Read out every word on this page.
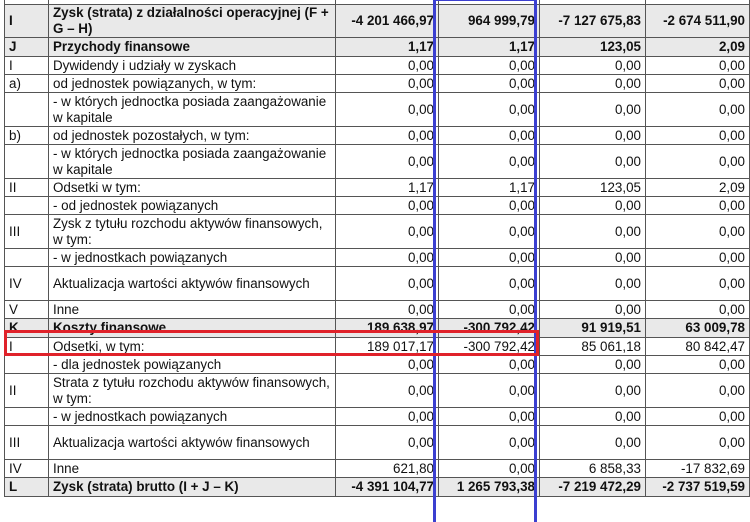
I	Zysk (strata) z działalności operacyjnej (F + G – H)	-4 201 466,97	964 999,79	-7 127 675,83	-2 674 511,90
J	Przychody finansowe	1,17	1,17	123,05	2,09
I	Dywidendy i udziały w zyskach	0,00	0,00	0,00	0,00
a)	od jednostek powiązanych, w tym:	0,00	0,00	0,00	0,00
	- w których jednoctka posiada zaangażowanie w kapitale	0,00	0,00	0,00	0,00
b)	od jednostek pozostałych, w tym:	0,00	0,00	0,00	0,00
	- w których jednoctka posiada zaangażowanie w kapitale	0,00	0,00	0,00	0,00
II	Odsetki w tym:	1,17	1,17	123,05	2,09
	- od jednostek powiązanych	0,00	0,00	0,00	0,00
III	Zysk z tytułu rozchodu aktywów finansowych, w tym:	0,00	0,00	0,00	0,00
	- w jednostkach powiązanych	0,00	0,00	0,00	0,00
IV	Aktualizacja wartości aktywów finansowych	0,00	0,00	0,00	0,00
V	Inne	0,00	0,00	0,00	0,00
K	Koszty finansowe	189 638,97	-300 792,42	91 919,51	63 009,78
I	Odsetki, w tym:	189 017,17	-300 792,42	85 061,18	80 842,47
	- dla jednostek powiązanych	0,00	0,00	0,00	0,00
II	Strata z tytułu rozchodu aktywów finansowych, w tym:	0,00	0,00	0,00	0,00
	- w jednostkach powiązanych	0,00	0,00	0,00	0,00
III	Aktualizacja wartości aktywów finansowych	0,00	0,00	0,00	0,00
IV	Inne	621,80	0,00	6 858,33	-17 832,69
L	Zysk (strata) brutto (I + J – K)	-4 391 104,77	1 265 793,38	-7 219 472,29	-2 737 519,59
